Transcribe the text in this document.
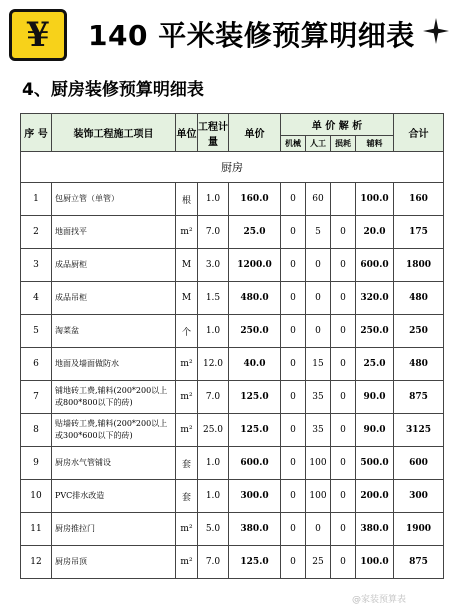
¥	140 平米装修预算明细表
4、厨房装修预算明细表
序 号	装饰工程施工项目	单位	工程计量	单价	单 价 解 析				合计
					机械	人工	损耗	辅料	
厨房									
1	包厨立管（单管）	根	1.0	160.0	0	60		100.0	160
2	地面找平	m²	7.0	25.0	0	5	0	20.0	175
3	成品厨柜	M	3.0	1200.0	0	0	0	600.0	1800
4	成品吊柜	M	1.5	480.0	0	0	0	320.0	480
5	淘菜盆	个	1.0	250.0	0	0	0	250.0	250
6	地面及墙面做防水	m²	12.0	40.0	0	15	0	25.0	480
7	铺地砖工费,辅料(200*200以上或800*800以下的砖)	m²	7.0	125.0	0	35	0	90.0	875
8	贴墙砖工费,辅料(200*200以上或300*600以下的砖)	m²	25.0	125.0	0	35	0	90.0	3125
9	厨房水气管铺设	套	1.0	600.0	0	100	0	500.0	600
10	PVC排水改造	套	1.0	300.0	0	100	0	200.0	300
11	厨房推拉门	m²	5.0	380.0	0	0	0	380.0	1900
12	厨房吊顶	m²	7.0	125.0	0	25	0	100.0	875
@家装预算表
